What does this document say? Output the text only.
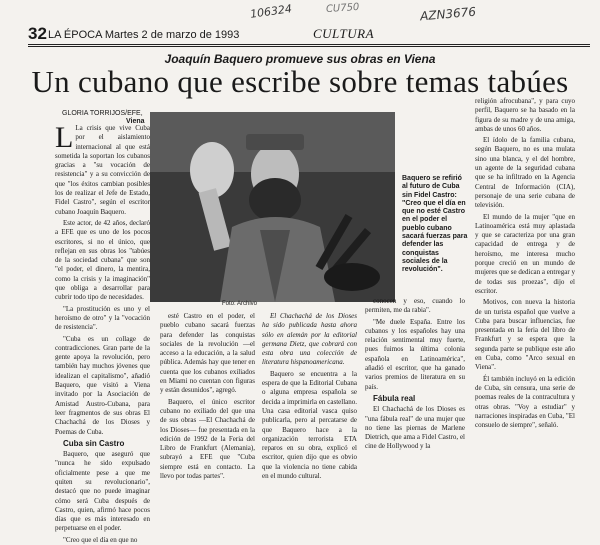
106324	CU750	AZN3676
32 LA ÉPOCA Martes 2 de marzo de 1993	CULTURA
Joaquín Baquero promueve sus obras en Viena
Un cubano que escribe sobre temas tabúes
GLORIA TORRIJOS/EFE,
Viena

L La crisis que vive Cuba por el aislamiento internacional al que está sometida la soportan los cubanos gracias a "su vocación de resistencia" y a su convicción de que "los éxitos cambian posibles los de realizar el Jefe de Estado, Fidel Castro", según el escritor cubano Joaquín Baquero.

Este actor, de 42 años, declaró a EFE que es uno de los pocos escritores, si no el único, que reflejan en sus obras los "tabúes de la sociedad cubana" que son "el poder, el dinero, la mentira, como la crisis y la imaginación" que obliga a desarrollar para cubrir todo tipo de necesidades.

"La prostitución es uno y el heroísmo de otro" y la "vocación de resistencia".

"Cuba es un collage de contradicciones. Gran parte de la gente apoya la revolución, pero también hay muchos jóvenes que idealizan el capitalismo", añadió Baquero, que visitó a Viena invitado por la Asociación de Amistad Austro-Cubana, para leer fragmentos de sus obras El Chachachá de los Dioses y Poemas de Cuba.

Cuba sin Castro

Baquero, que aseguró que "nunca he sido expulsado oficialmente pese a que me quiten su revolucionario", destacó que no puede imaginar cómo será Cuba después de Castro, quien, afirmó hace pocos días que es más interesado en perpetuarse en el poder.

"Creo que el día en que no

Foto: Archivo
Baquero se refirió al futuro de Cuba sin Fidel Castro: "Creo que el día en que no esté Castro en el poder el pueblo cubano sacará fuerzas para defender las conquistas sociales de la revolución".

esté Castro en el poder, el pueblo cubano sacará fuerzas para defender las conquistas sociales de la revolución —el acceso a la educación, a la salud pública. Además hay que tener en cuenta que los cubanos exiliados en Miami no cuentan con figuras y están desunidos", agregó.

Baquero, el único escritor cubano no exiliado del que una de sus obras —El Chachachá de los Dioses— fue presentada en la edición de 1992 de la Feria del Libro de Frankfurt (Alemania), subrayó a EFE que "Cuba siempre está en contacto. La llevo por todas partes".

El Chachachá de los Dioses ha sido publicada hasta ahora sólo en alemán por la editorial germana Dietz, que cobrará con esta obra una colección de literatura hispanoamericana.

Baquero se encuentra a la espera de que la Editorial Cubana o alguna empresa española se decida a imprimirla en castellano. Una casa editorial vasca quiso publicarla, pero al percatarse de que Baquero hace a la organización terrorista ETA reparos en su obra, explicó el escritor, quien dijo que es obvio que la violencia no tiene cabida en el mundo cultural.

conocen y eso, cuando lo permiten, me da rabia".

"Me duele España. Entre los cubanos y los españoles hay una relación sentimental muy fuerte, pues fuimos la última colonia española en Latinoamérica", añadió el escritor, que ha ganado varios premios de literatura en su país.

Fábula real

El Chachachá de los Dioses es "una fábula real" de una mujer que no tiene las piernas de Marlene Dietrich, que ama a Fidel Castro, el cine de Hollywood y la

religión afrocubana", y para cuyo perfil, Baquero se ha basado en la figura de su madre y de una amiga, ambas de unos 60 años.

El ídolo de la familia cubana, según Baquero, no es una mulata sino una blanca, y el del hombre, un agente de la seguridad cubana que se ha infiltrado en la Agencia Central de Información (CIA), personaje de una serie cubana de televisión.

El mundo de la mujer "que en Latinoamérica está muy aplastada y que se caracteriza por una gran capacidad de entrega y de heroísmo, me interesa mucho porque creció en un mundo de mujeres que se dedican a entregar y de todas sus proezas", dijo el escritor.

Motivos, con nueva la historia de un turista español que vuelve a Cuba para buscar influencias, fue presentada en la feria del libro de Frankfurt y se espera que la segunda parte se publique este año en Cuba, como "Arco sexual en Viena".

Él también incluyó en la edición de Cuba, sin censura, una serie de poemas reales de la contracultura y otras obras. "Voy a estudiar" y narraciones inspiradas en Cuba, "El consuelo de siempre", señaló.
